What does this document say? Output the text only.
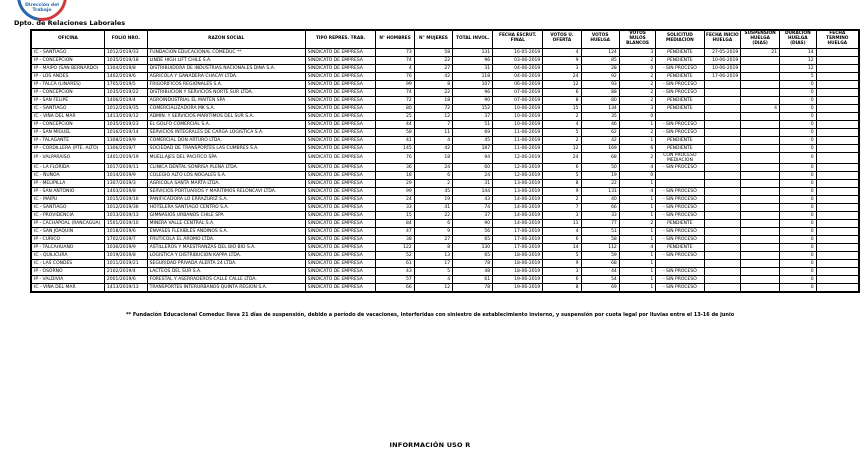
Dirección del Trabajo
Dpto. de Relaciones Laborales
OFICINA	FOLIO NRO.	RAZON SOCIAL	TIPO REPRES. TRAB.	N° HOMBRES	N° MUJERES	TOTAL INVOL.	FECHA ESCRUT. FINAL	VOTOS U. OFERTA	VOTOS HUELGA	VOTOS NULOS BLANCOS	SOLICITUD MEDIACION	FECHA INICIO HUELGA	SUSPENSION HUELGA (DIAS)	DURACION HUELGA (DIAS)	FECHA TERMINO HUELGA
IC - SANTIAGO	1012/2019/33	FUNDACION EDUCACIONAL COMEDUC **	SINDICATO DE EMPRESA	73	58	131	16-05-2019	4	124	3	PENDIENTE	27-05-2019	21	14	
IP - CONCEPCION	1035/2019/18	LINDE HIGH LIFT CHILE S.A.	SINDICATO DE EMPRESA	74	22	96	03-06-2019	9	85	2	PENDIENTE	10-06-2019		12	
IP - MAIPO (SAN BERNARDO)	1304/2019/8	DISTRIBUIDORA DE INDUSTRIAS NACIONALES DINA S.A.	SINDICATO DE EMPRESA	4	27	31	04-06-2019	3	28	0	- SIN PROCESO	10-06-2019		12	
IP - LOS ANDES	1402/2019/6	AGRICOLA Y GANADERA CHACAY LTDA.	SINDICATO DE EMPRESA	76	42	118	04-06-2019	24	92	2	PENDIENTE	17-06-2019		5	
IP - TALCA (LINARES)	1705/2019/5	FRIGORIFICOS REGIONALES S.A.	SINDICATO DE EMPRESA	99	8	107	06-06-2019	12	93	2	- SIN PROCESO			0	
IP - CONCEPCION	1035/2019/22	DISTRIBUCION Y SERVICIOS NORTE SUR LTDA.	SINDICATO DE EMPRESA	74	22	96	07-06-2019	6	88	2	- SIN PROCESO			0	
IP - SAN FELIPE	1406/2019/4	AGROINDUSTRIAL EL MAITEN SPA	SINDICATO DE EMPRESA	72	18	90	07-06-2019	8	80	2	PENDIENTE			0	
IC - SANTIAGO	1012/2019/35	COMERCIALIZADORA MK S.A.	SINDICATO DE EMPRESA	80	72	152	10-06-2019	15	134	3	PENDIENTE		4	0	
IC - VIÑA DEL MAR	1413/2019/12	ADMIN. Y SERVICIOS MARITIMOS DEL SUR S.A.	SINDICATO DE EMPRESA	25	12	37	10-06-2019	2	35	0				0	
IP - CONCEPCION	1035/2019/23	EL GOLFO COMERCIAL S.A.	SINDICATO DE EMPRESA	44	7	51	10-06-2019	4	46	1	- SIN PROCESO			0	
IP - SAN MIGUEL	1016/2019/14	SERVICIOS INTEGRALES DE CARGA LOGISTICA S.A.	SINDICATO DE EMPRESA	58	11	69	11-06-2019	5	62	2	- SIN PROCESO			0	
IP - TALAGANTE	1308/2019/9	COMERCIAL DON ARTURO LTDA.	SINDICATO DE EMPRESA	41	4	45	11-06-2019	2	42	1	PENDIENTE			0	
IP - CORDILLERA (PTE. ALTO)	1306/2019/7	SOCIEDAD DE TRANSPORTES LAS CUMBRES S.A.	SINDICATO DE EMPRESA	145	42	187	11-06-2019	12	169	6	PENDIENTE			0	
IP - VALPARAISO	1401/2019/19	MUELLAJES DEL PACIFICO SPA	SINDICATO DE EMPRESA	76	18	94	12-06-2019	24	68	2	CON PROCESO MEDIACION			0	
IC - LA FLORIDA	1017/2019/11	CLINICA DENTAL SONRISA PLENA LTDA.	SINDICATO DE EMPRESA	36	24	60	12-06-2019	6	50	4	- SIN PROCESO			0	
IC - ÑUÑOA	1014/2019/9	COLEGIO ALTO LOS NOGALES S.A.	SINDICATO DE EMPRESA	18	6	24	12-06-2019	5	19	0				0	
IP - MELIPILLA	1307/2019/3	AGRICOLA SANTA MARTA LTDA.	SINDICATO DE EMPRESA	29	2	31	13-06-2019	8	22	1				0	
IP - SAN ANTONIO	1403/2019/8	SERVICIOS PORTUARIOS Y MARITIMOS RELONCAVI LTDA.	SINDICATO DE EMPRESA	99	45	144	13-06-2019	9	131	4	- SIN PROCESO			0	
IC - MAIPU	1015/2019/16	PANIFICADORA LO ERRAZURIZ S.A.	SINDICATO DE EMPRESA	24	19	43	14-06-2019	2	40	1	- SIN PROCESO			0	
IC - SANTIAGO	1012/2019/36	HOTELERA SANTIAGO CENTRO S.A.	SINDICATO DE EMPRESA	33	41	74	14-06-2019	7	66	1	- SIN PROCESO			0	
IC - PROVIDENCIA	1013/2019/13	GIMNASIOS URBANOS CHILE SPA	SINDICATO DE EMPRESA	15	22	37	14-06-2019	3	33	1	- SIN PROCESO			0	
IP - CACHAPOAL (RANCAGUA)	1501/2019/10	MINERA VALLE CENTRAL S.A.	SINDICATO DE EMPRESA	84	6	90	14-06-2019	11	77	2	PENDIENTE			0	
IC - SAN JOAQUIN	1018/2019/6	ENVASES FLEXIBLES ANDINOS S.A.	SINDICATO DE EMPRESA	47	9	56	17-06-2019	4	51	1	- SIN PROCESO			0	
IP - CURICO	1702/2019/7	FRUTICOLA EL AROMO LTDA.	SINDICATO DE EMPRESA	38	27	65	17-06-2019	6	58	1	- SIN PROCESO			0	
IP - TALCAHUANO	1036/2019/9	ASTILLEROS Y MAESTRANZAS DEL BIO BIO S.A.	SINDICATO DE EMPRESA	122	8	130	17-06-2019	14	112	4	PENDIENTE			0	
IC - QUILICURA	1019/2019/8	LOGISTICA Y DISTRIBUCION KAPPA LTDA.	SINDICATO DE EMPRESA	52	13	65	18-06-2019	5	59	1	- SIN PROCESO			0	
IC - LAS CONDES	1011/2019/21	SEGURIDAD PRIVADA ALERTA 24 LTDA.	SINDICATO DE EMPRESA	61	17	78	18-06-2019	9	68	1				0	
IP - OSORNO	2102/2019/4	LACTEOS DEL SUR S.A.	SINDICATO DE EMPRESA	43	5	48	18-06-2019	3	44	1	- SIN PROCESO			0	
IP - VALDIVIA	2001/2019/6	FORESTAL Y ASERRADEROS CALLE CALLE LTDA.	SINDICATO DE EMPRESA	57	4	61	19-06-2019	6	54	1	- SIN PROCESO			0	
IC - VIÑA DEL MAR	1413/2019/13	TRANSPORTES INTERURBANOS QUINTA REGION S.A.	SINDICATO DE EMPRESA	66	12	78	19-06-2019	8	69	1	- SIN PROCESO			0	
** Fundación Educacional Comeduc lleva 21 días de suspensión, debido a período de vacaciones, interferidas con siniestro de establecimiento invierno, y suspensión por cuota legal por lluvias entre el 13-16 de junio
INFORMACIÓN USO R
